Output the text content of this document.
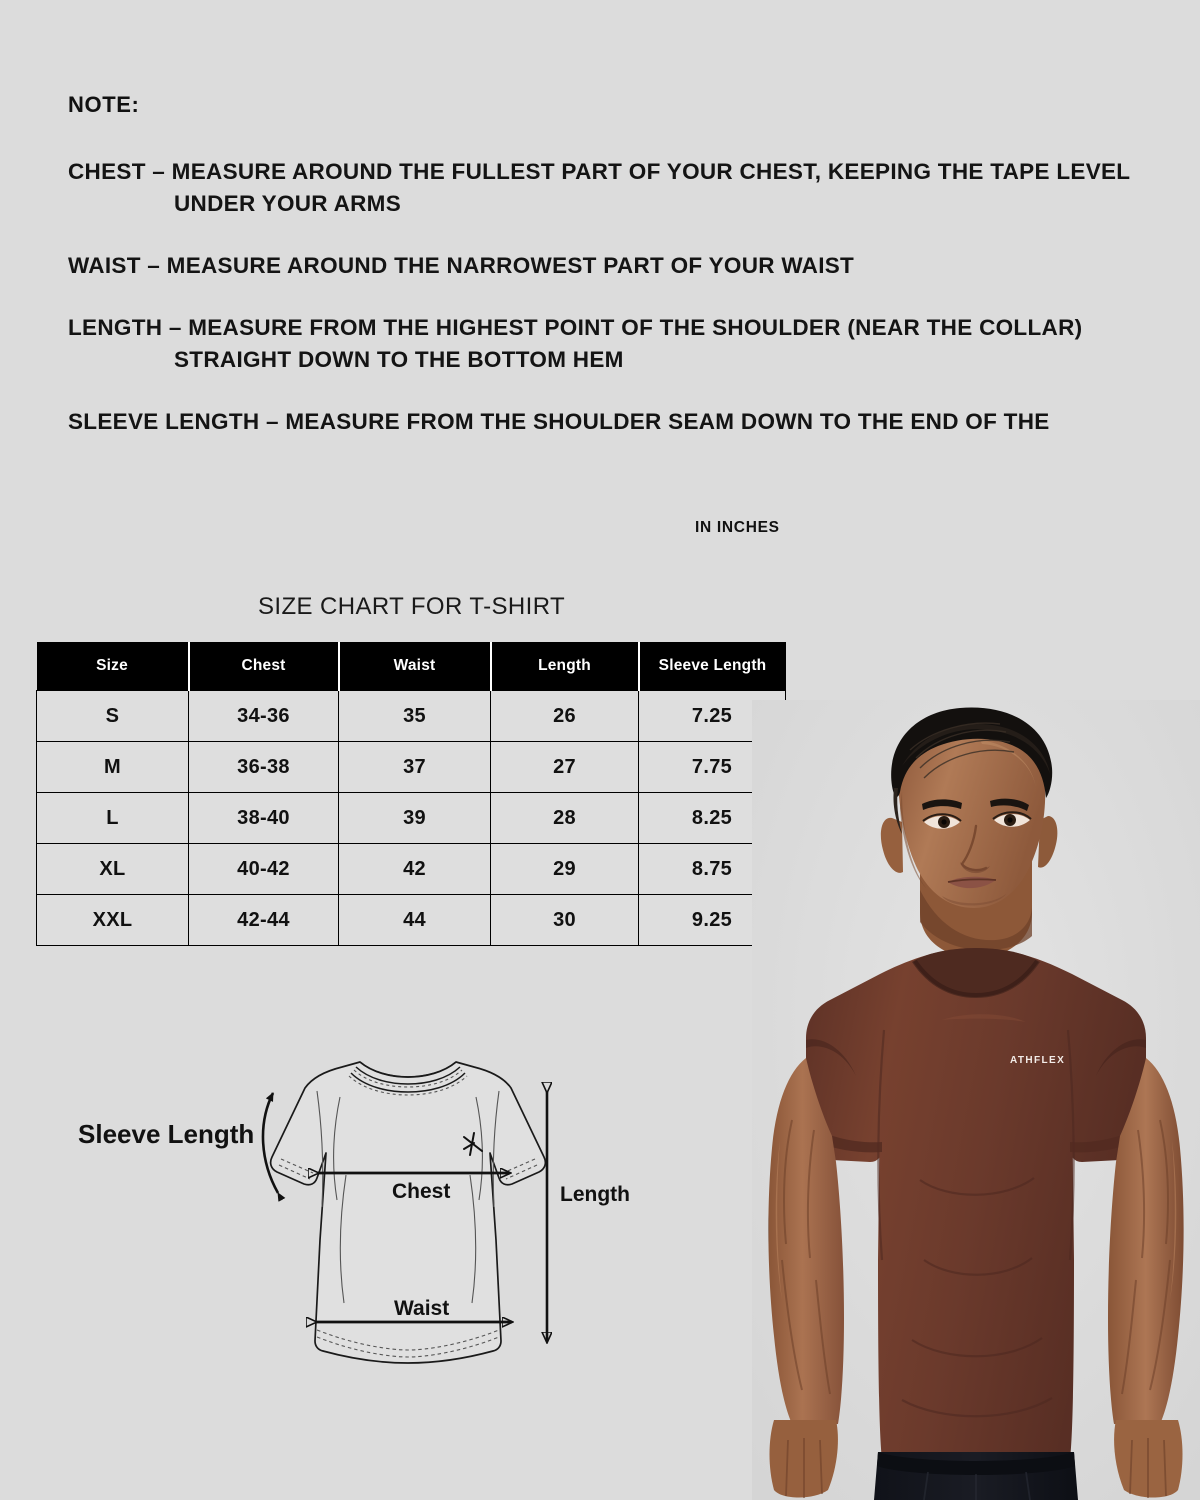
NOTE:
CHEST – MEASURE AROUND THE FULLEST PART OF YOUR CHEST, KEEPING THE TAPE LEVEL
UNDER YOUR ARMS
WAIST – MEASURE AROUND THE NARROWEST PART OF YOUR WAIST
LENGTH – MEASURE FROM THE HIGHEST POINT OF THE SHOULDER (NEAR THE COLLAR)
STRAIGHT DOWN TO THE BOTTOM HEM
SLEEVE LENGTH – MEASURE FROM THE SHOULDER SEAM DOWN TO THE END OF THE
IN INCHES
SIZE CHART FOR T-SHIRT
Size	Chest	Waist	Length	Sleeve Length
S	34-36	35	26	7.25
M	36-38	37	27	7.75
L	38-40	39	28	8.25
XL	40-42	42	29	8.75
XXL	42-44	44	30	9.25
Sleeve Length
Chest
Waist
Length
ATHFLEX
